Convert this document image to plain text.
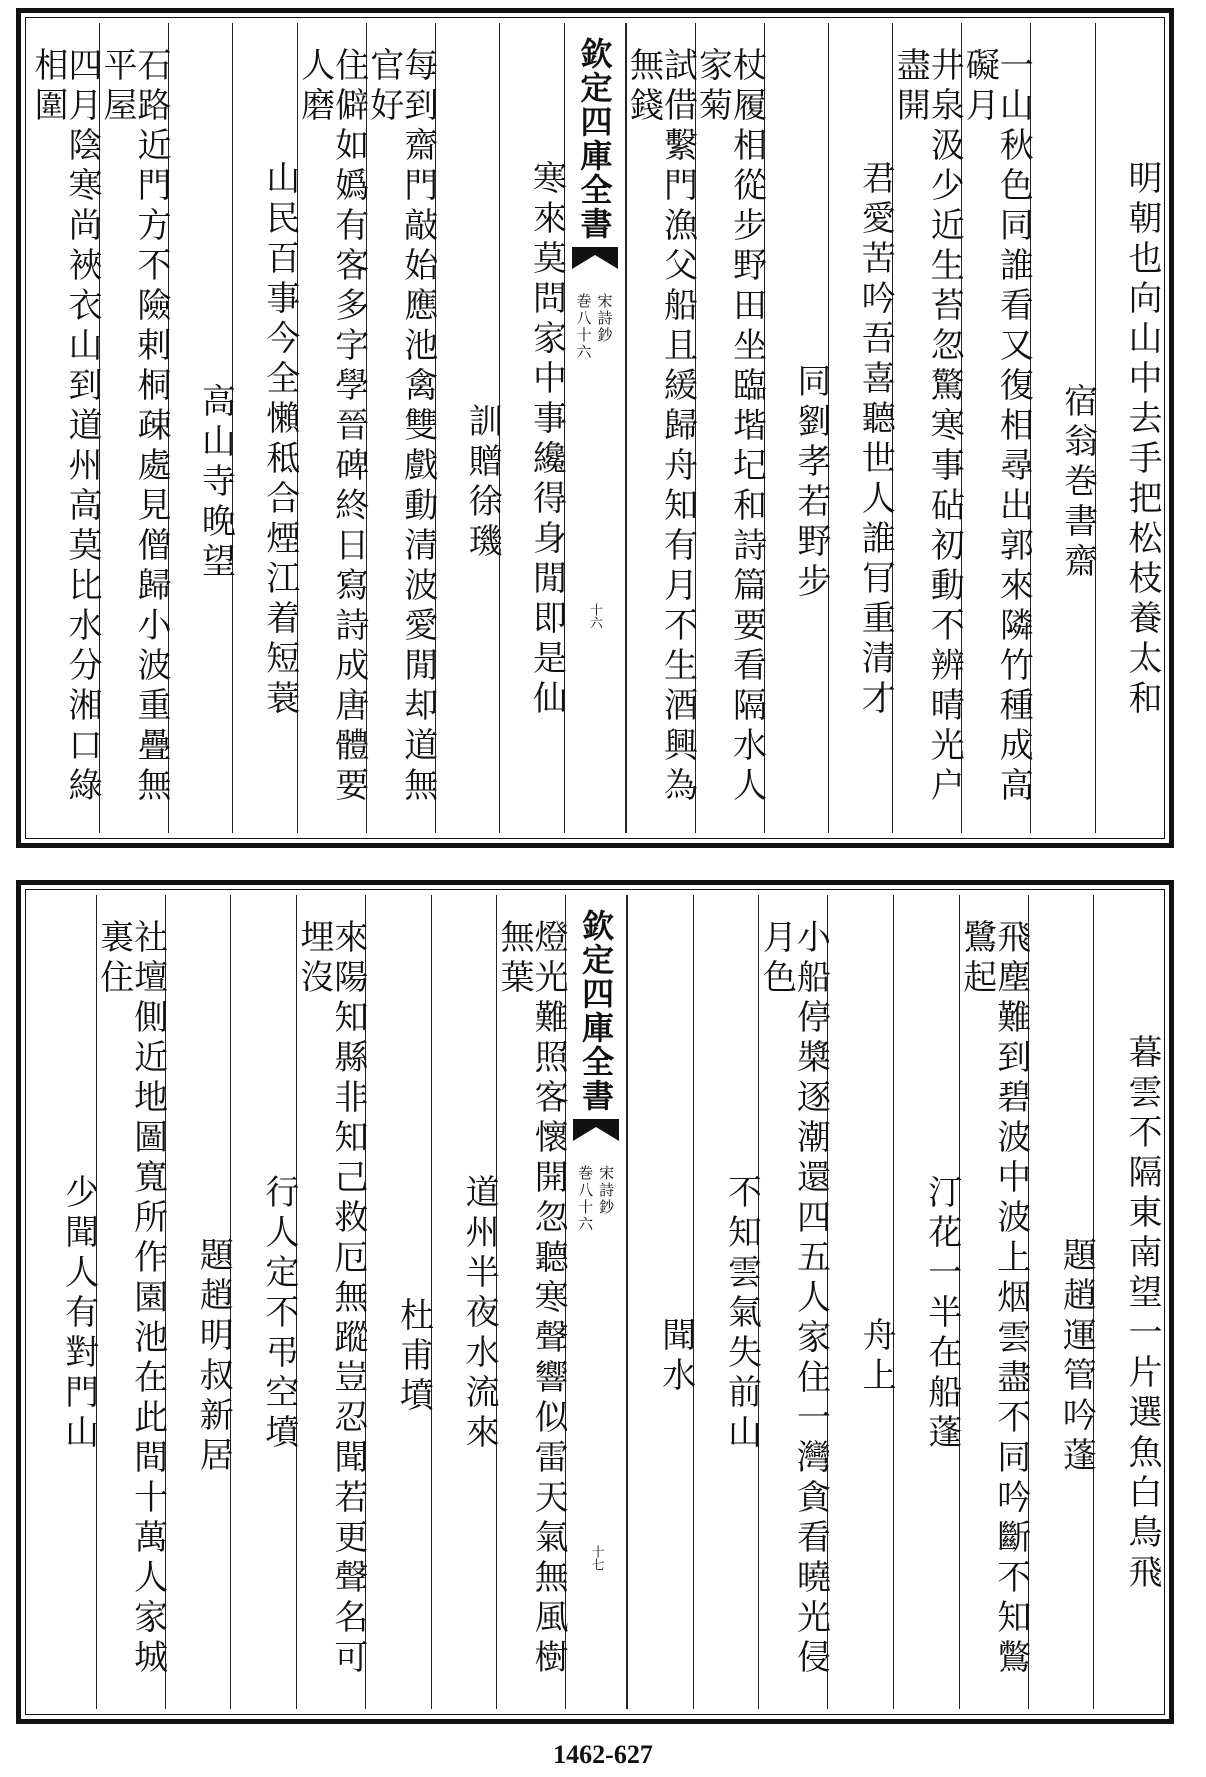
明朝也向山中去手把松枝養太和
宿翁巻書齋
一山秋色同誰看又復相尋出郭來隣竹種成高礙月
井泉汲少近生苔忽驚寒事砧初動不辨晴光户盡開
君愛苦吟吾喜聽世人誰肎重清才
同劉孝若野步
杖履相從步野田坐臨堦圮和詩篇要看隔水人家菊
試借繫門漁父船且緩歸舟知有月不生酒興為無錢
欽定四庫全書
宋詩鈔
巻八十六
十六
寒來莫問家中事纔得身閒即是仙
訓贈徐璣
每到齋門敲始應池禽雙戲動清波愛閒却道無官好
住僻如嬀有客多字學晉碑終日寫詩成唐體要人磨
山民百事今全懶秪合煙江着短蓑
高山寺晚望
石路近門方不險剌桐疎處見僧歸小波重疊無平屋
四月陰寒尚裌衣山到道州高莫比水分湘口綠相圍
暮雲不隔東南望一片選魚白鳥飛
題趙運管吟蓬
飛塵難到碧波中波上烟雲盡不同吟斷不知鷩鷺起
汀花一半在船蓬
舟上
小船停槳逐潮還四五人家住一灣貪看曉光侵月色
不知雲氣失前山
聞水
欽定四庫全書
宋詩鈔
巻八十六
十七
燈光難照客懷開忽聽寒聲響似雷天氣無風樹無葉
道州半夜水流來
杜甫墳
來陽知縣非知己救厄無蹤豈忍聞若更聲名可埋沒
行人定不弔空墳
題趙明叔新居
社壇側近地圖寬所作園池在此間十萬人家城裏住
少聞人有對門山
1462-627
